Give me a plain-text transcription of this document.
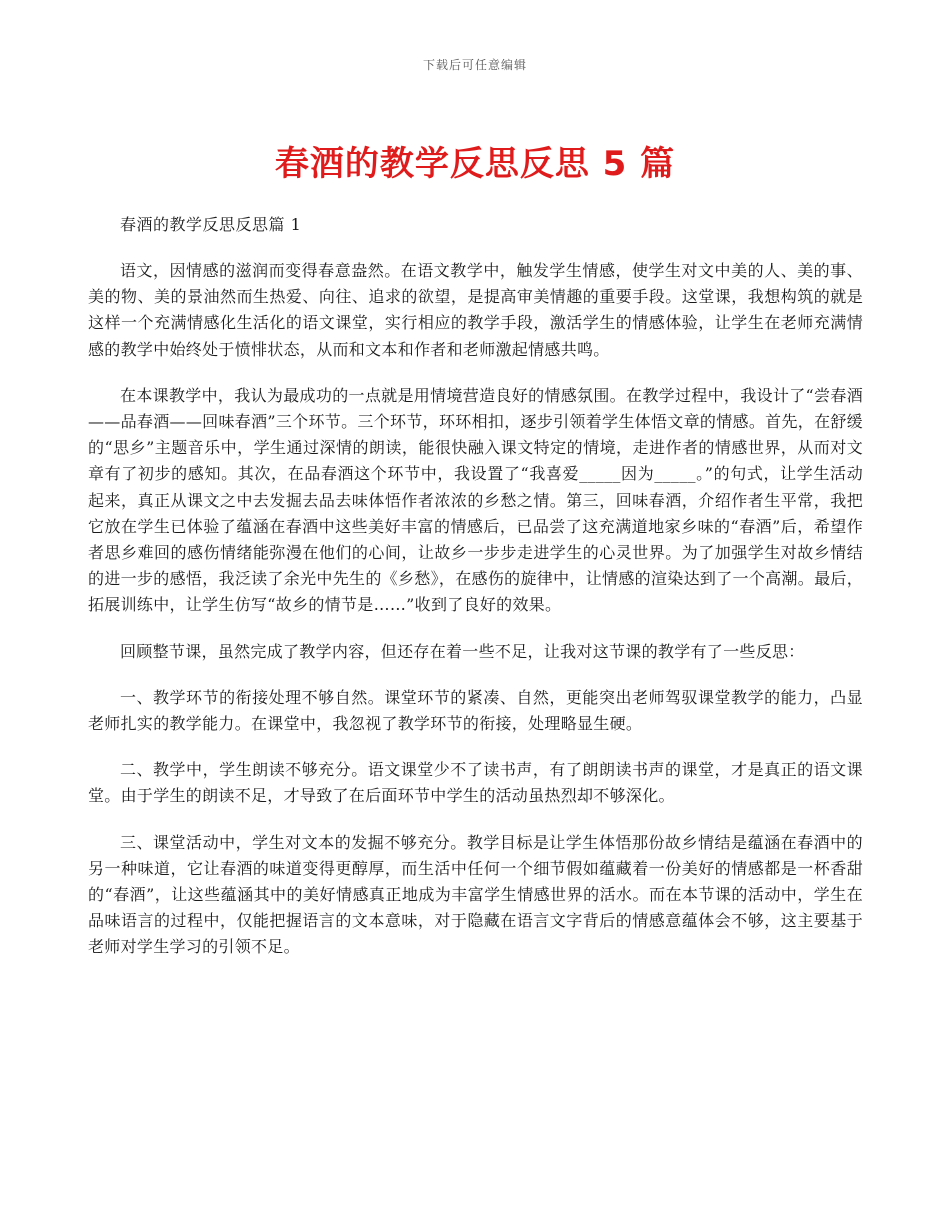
下载后可任意编辑
春酒的教学反思反思 5 篇

春酒的教学反思反思篇 1

语文，因情感的滋润而变得春意盎然。在语文教学中，触发学生情感，使学生对文中美的人、美的事、美的物、美的景油然而生热爱、向往、追求的欲望，是提高审美情趣的重要手段。这堂课，我想构筑的就是这样一个充满情感化生活化的语文课堂，实行相应的教学手段，激活学生的情感体验，让学生在老师充满情感的教学中始终处于愤悱状态，从而和文本和作者和老师激起情感共鸣。

在本课教学中，我认为最成功的一点就是用情境营造良好的情感氛围。在教学过程中，我设计了“尝春酒——品春酒——回味春酒”三个环节。三个环节，环环相扣，逐步引领着学生体悟文章的情感。首先，在舒缓的“思乡”主题音乐中，学生通过深情的朗读，能很快融入课文特定的情境，走进作者的情感世界，从而对文章有了初步的感知。其次，在品春酒这个环节中，我设置了“我喜爱_____因为_____。”的句式，让学生活动起来，真正从课文之中去发掘去品去味体悟作者浓浓的乡愁之情。第三，回味春酒，介绍作者生平常，我把它放在学生已体验了蕴涵在春酒中这些美好丰富的情感后，已品尝了这充满道地家乡味的“春酒”后，希望作者思乡难回的感伤情绪能弥漫在他们的心间，让故乡一步步走进学生的心灵世界。为了加强学生对故乡情结的进一步的感悟，我泛读了余光中先生的《乡愁》，在感伤的旋律中，让情感的渲染达到了一个高潮。最后，拓展训练中，让学生仿写“故乡的情节是……”收到了良好的效果。

回顾整节课，虽然完成了教学内容，但还存在着一些不足，让我对这节课的教学有了一些反思：

一、教学环节的衔接处理不够自然。课堂环节的紧凑、自然，更能突出老师驾驭课堂教学的能力，凸显老师扎实的教学能力。在课堂中，我忽视了教学环节的衔接，处理略显生硬。

二、教学中，学生朗读不够充分。语文课堂少不了读书声，有了朗朗读书声的课堂，才是真正的语文课堂。由于学生的朗读不足，才导致了在后面环节中学生的活动虽热烈却不够深化。

三、课堂活动中，学生对文本的发掘不够充分。教学目标是让学生体悟那份故乡情结是蕴涵在春酒中的另一种味道，它让春酒的味道变得更醇厚，而生活中任何一个细节假如蕴藏着一份美好的情感都是一杯香甜的“春酒”，让这些蕴涵其中的美好情感真正地成为丰富学生情感世界的活水。而在本节课的活动中，学生在品味语言的过程中，仅能把握语言的文本意味，对于隐藏在语言文字背后的情感意蕴体会不够，这主要基于老师对学生学习的引领不足。
